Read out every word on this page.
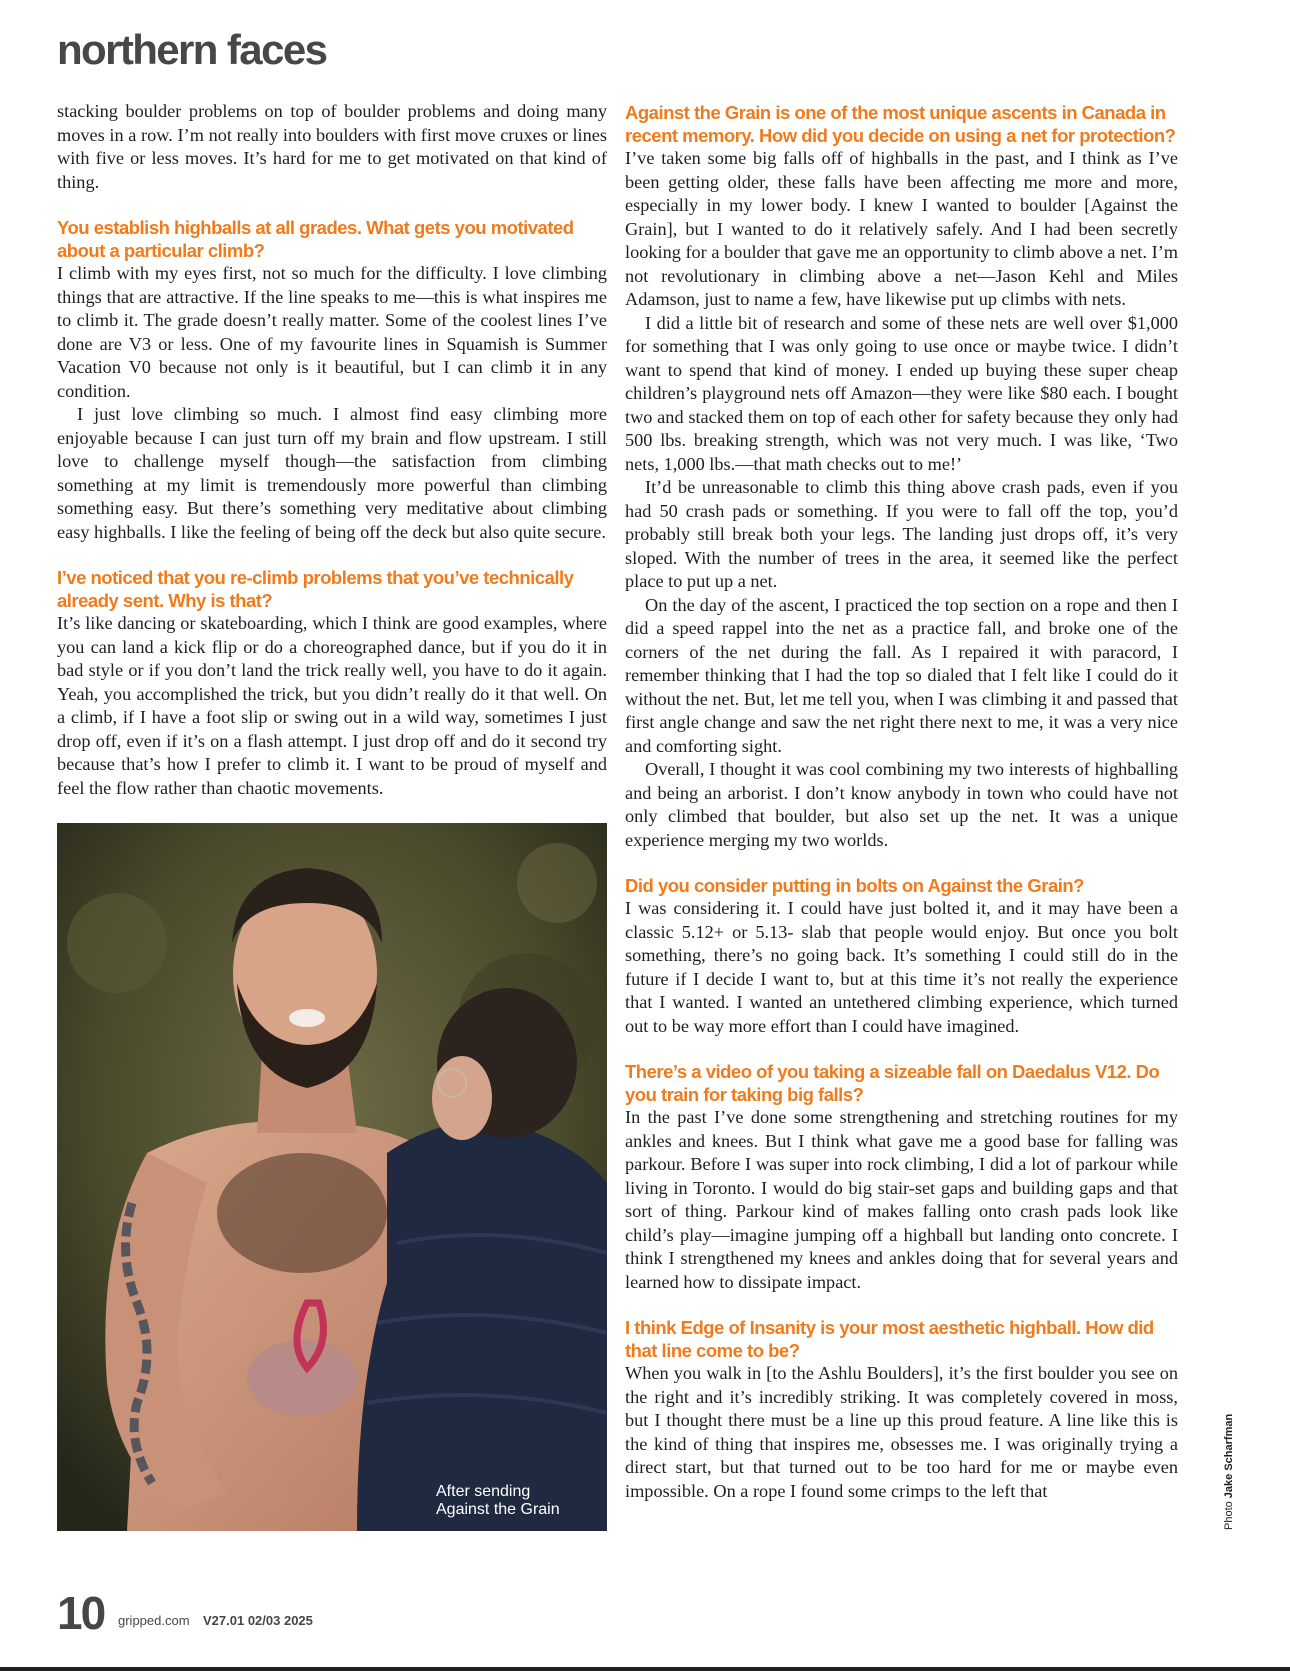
northern faces

stacking boulder problems on top of boulder problems and doing many moves in a row. I’m not really into boulders with first move cruxes or lines with five or less moves. It’s hard for me to get motivated on that kind of thing.

You establish highballs at all grades. What gets you motivated about a particular climb?

I climb with my eyes first, not so much for the difficulty. I love climbing things that are attractive. If the line speaks to me—this is what inspires me to climb it. The grade doesn’t really matter. Some of the coolest lines I’ve done are V3 or less. One of my favourite lines in Squamish is Summer Vacation V0 because not only is it beautiful, but I can climb it in any condition.

I just love climbing so much. I almost find easy climbing more enjoyable because I can just turn off my brain and flow upstream. I still love to challenge myself though—the satisfaction from climbing something at my limit is tremendously more powerful than climbing something easy. But there’s something very meditative about climbing easy highballs. I like the feeling of being off the deck but also quite secure.

I’ve noticed that you re-climb problems that you’ve technically already sent. Why is that?

It’s like dancing or skateboarding, which I think are good examples, where you can land a kick flip or do a choreographed dance, but if you do it in bad style or if you don’t land the trick really well, you have to do it again. Yeah, you accomplished the trick, but you didn’t really do it that well. On a climb, if I have a foot slip or swing out in a wild way, sometimes I just drop off, even if it’s on a flash attempt. I just drop off and do it second try because that’s how I prefer to climb it. I want to be proud of myself and feel the flow rather than chaotic movements.

After sending
Against the Grain

Against the Grain is one of the most unique ascents in Canada in recent memory. How did you decide on using a net for protection?

I’ve taken some big falls off of highballs in the past, and I think as I’ve been getting older, these falls have been affecting me more and more, especially in my lower body. I knew I wanted to boulder [Against the Grain], but I wanted to do it relatively safely. And I had been secretly looking for a boulder that gave me an opportunity to climb above a net. I’m not revolutionary in climbing above a net—Jason Kehl and Miles Adamson, just to name a few, have likewise put up climbs with nets.

I did a little bit of research and some of these nets are well over $1,000 for something that I was only going to use once or maybe twice. I didn’t want to spend that kind of money. I ended up buying these super cheap children’s playground nets off Amazon—they were like $80 each. I bought two and stacked them on top of each other for safety because they only had 500 lbs. breaking strength, which was not very much. I was like, ‘Two nets, 1,000 lbs.—that math checks out to me!’

It’d be unreasonable to climb this thing above crash pads, even if you had 50 crash pads or something. If you were to fall off the top, you’d probably still break both your legs. The landing just drops off, it’s very sloped. With the number of trees in the area, it seemed like the perfect place to put up a net.

On the day of the ascent, I practiced the top section on a rope and then I did a speed rappel into the net as a practice fall, and broke one of the corners of the net during the fall. As I repaired it with paracord, I remember thinking that I had the top so dialed that I felt like I could do it without the net. But, let me tell you, when I was climbing it and passed that first angle change and saw the net right there next to me, it was a very nice and comforting sight.

Overall, I thought it was cool combining my two interests of highballing and being an arborist. I don’t know anybody in town who could have not only climbed that boulder, but also set up the net. It was a unique experience merging my two worlds.

Did you consider putting in bolts on Against the Grain?

I was considering it. I could have just bolted it, and it may have been a classic 5.12+ or 5.13- slab that people would enjoy. But once you bolt something, there’s no going back. It’s something I could still do in the future if I decide I want to, but at this time it’s not really the experience that I wanted. I wanted an untethered climbing experience, which turned out to be way more effort than I could have imagined.

There’s a video of you taking a sizeable fall on Daedalus V12. Do you train for taking big falls?

In the past I’ve done some strengthening and stretching routines for my ankles and knees. But I think what gave me a good base for falling was parkour. Before I was super into rock climbing, I did a lot of parkour while living in Toronto. I would do big stair-set gaps and building gaps and that sort of thing. Parkour kind of makes falling onto crash pads look like child’s play—imagine jumping off a highball but landing onto concrete. I think I strengthened my knees and ankles doing that for several years and learned how to dissipate impact.

I think Edge of Insanity is your most aesthetic highball. How did that line come to be?

When you walk in [to the Ashlu Boulders], it’s the first boulder you see on the right and it’s incredibly striking. It was completely covered in moss, but I thought there must be a line up this proud feature. A line like this is the kind of thing that inspires me, obsesses me. I was originally trying a direct start, but that turned out to be too hard for me or maybe even impossible. On a rope I found some crimps to the left that

Photo Jake Scharfman
10 gripped.com V27.01 02/03 2025
